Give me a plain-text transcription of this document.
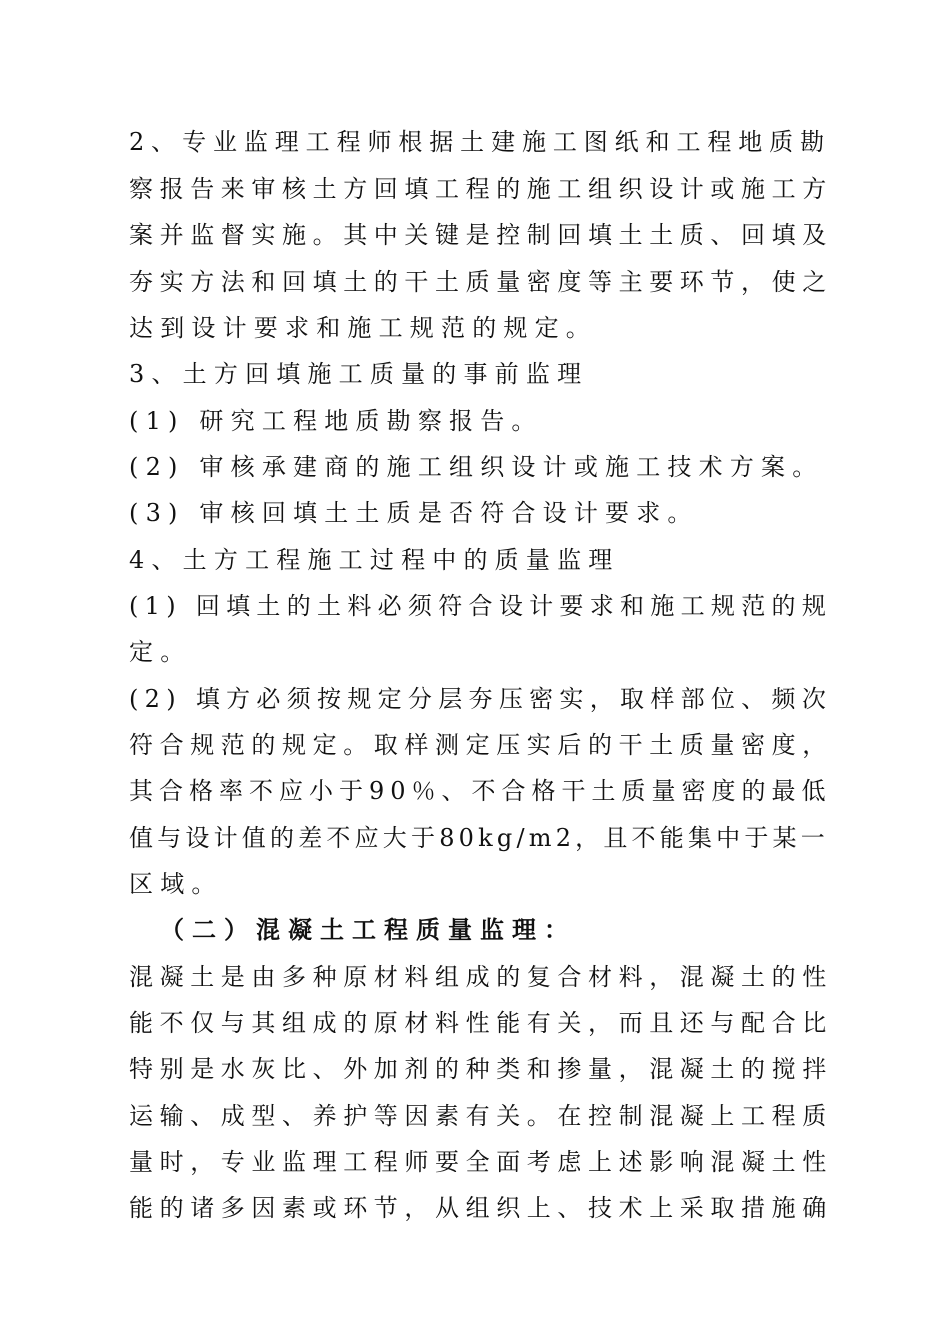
2、专业监理工程师根据土建施工图纸和工程地质勘
察报告来审核土方回填工程的施工组织设计或施工方
案并监督实施。其中关键是控制回填土土质、回填及
夯实方法和回填土的干土质量密度等主要环节，使之
达到设计要求和施工规范的规定。
3、土方回填施工质量的事前监理
(1) 研究工程地质勘察报告。
(2) 审核承建商的施工组织设计或施工技术方案。
(3) 审核回填土土质是否符合设计要求。
4、土方工程施工过程中的质量监理
(1) 回填土的土料必须符合设计要求和施工规范的规
定。
(2) 填方必须按规定分层夯压密实，取样部位、频次
符合规范的规定。取样测定压实后的干土质量密度，
其合格率不应小于90％、不合格干土质量密度的最低
值与设计值的差不应大于80kg/m2，且不能集中于某一
区域。
（二）混凝土工程质量监理：
混凝土是由多种原材料组成的复合材料，混凝土的性
能不仅与其组成的原材料性能有关，而且还与配合比
特别是水灰比、外加剂的种类和掺量，混凝土的搅拌
运输、成型、养护等因素有关。在控制混凝上工程质
量时，专业监理工程师要全面考虑上述影响混凝土性
能的诸多因素或环节，从组织上、技术上采取措施确
